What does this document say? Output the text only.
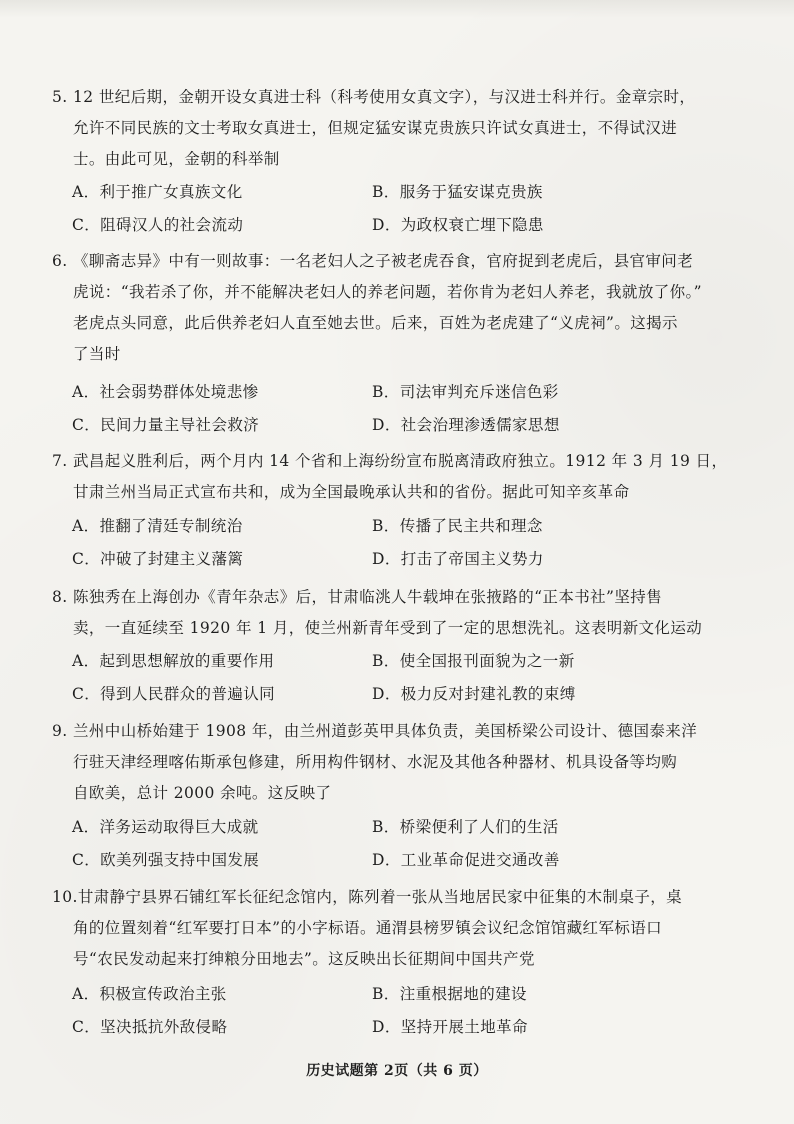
5. 12 世纪后期，金朝开设女真进士科（科考使用女真文字），与汉进士科并行。金章宗时，
允许不同民族的文士考取女真进士，但规定猛安谋克贵族只许试女真进士，不得试汉进
士。由此可见，金朝的科举制
A．利于推广女真族文化	B．服务于猛安谋克贵族
C．阻碍汉人的社会流动	D．为政权衰亡埋下隐患
6. 《聊斋志异》中有一则故事：一名老妇人之子被老虎吞食，官府捉到老虎后，县官审问老
虎说：“我若杀了你，并不能解决老妇人的养老问题，若你肯为老妇人养老，我就放了你。”
老虎点头同意，此后供养老妇人直至她去世。后来，百姓为老虎建了“义虎祠”。这揭示
了当时
A．社会弱势群体处境悲惨	B．司法审判充斥迷信色彩
C．民间力量主导社会救济	D．社会治理渗透儒家思想
7. 武昌起义胜利后，两个月内 14 个省和上海纷纷宣布脱离清政府独立。1912 年 3 月 19 日，
甘肃兰州当局正式宣布共和，成为全国最晚承认共和的省份。据此可知辛亥革命
A．推翻了清廷专制统治	B．传播了民主共和理念
C．冲破了封建主义藩篱	D．打击了帝国主义势力
8. 陈独秀在上海创办《青年杂志》后，甘肃临洮人牛载坤在张掖路的“正本书社”坚持售
卖，一直延续至 1920 年 1 月，使兰州新青年受到了一定的思想洗礼。这表明新文化运动
A．起到思想解放的重要作用	B．使全国报刊面貌为之一新
C．得到人民群众的普遍认同	D．极力反对封建礼教的束缚
9. 兰州中山桥始建于 1908 年，由兰州道彭英甲具体负责，美国桥梁公司设计、德国泰来洋
行驻天津经理喀佑斯承包修建，所用构件钢材、水泥及其他各种器材、机具设备等均购
自欧美，总计 2000 余吨。这反映了
A．洋务运动取得巨大成就	B．桥梁便利了人们的生活
C．欧美列强支持中国发展	D．工业革命促进交通改善
10.甘肃静宁县界石铺红军长征纪念馆内，陈列着一张从当地居民家中征集的木制桌子，桌
角的位置刻着“红军要打日本”的小字标语。通渭县榜罗镇会议纪念馆馆藏红军标语口
号“农民发动起来打绅粮分田地去”。这反映出长征期间中国共产党
A．积极宣传政治主张	B．注重根据地的建设
C．坚决抵抗外敌侵略	D．坚持开展土地革命
历史试题第 2页（共 6 页）
